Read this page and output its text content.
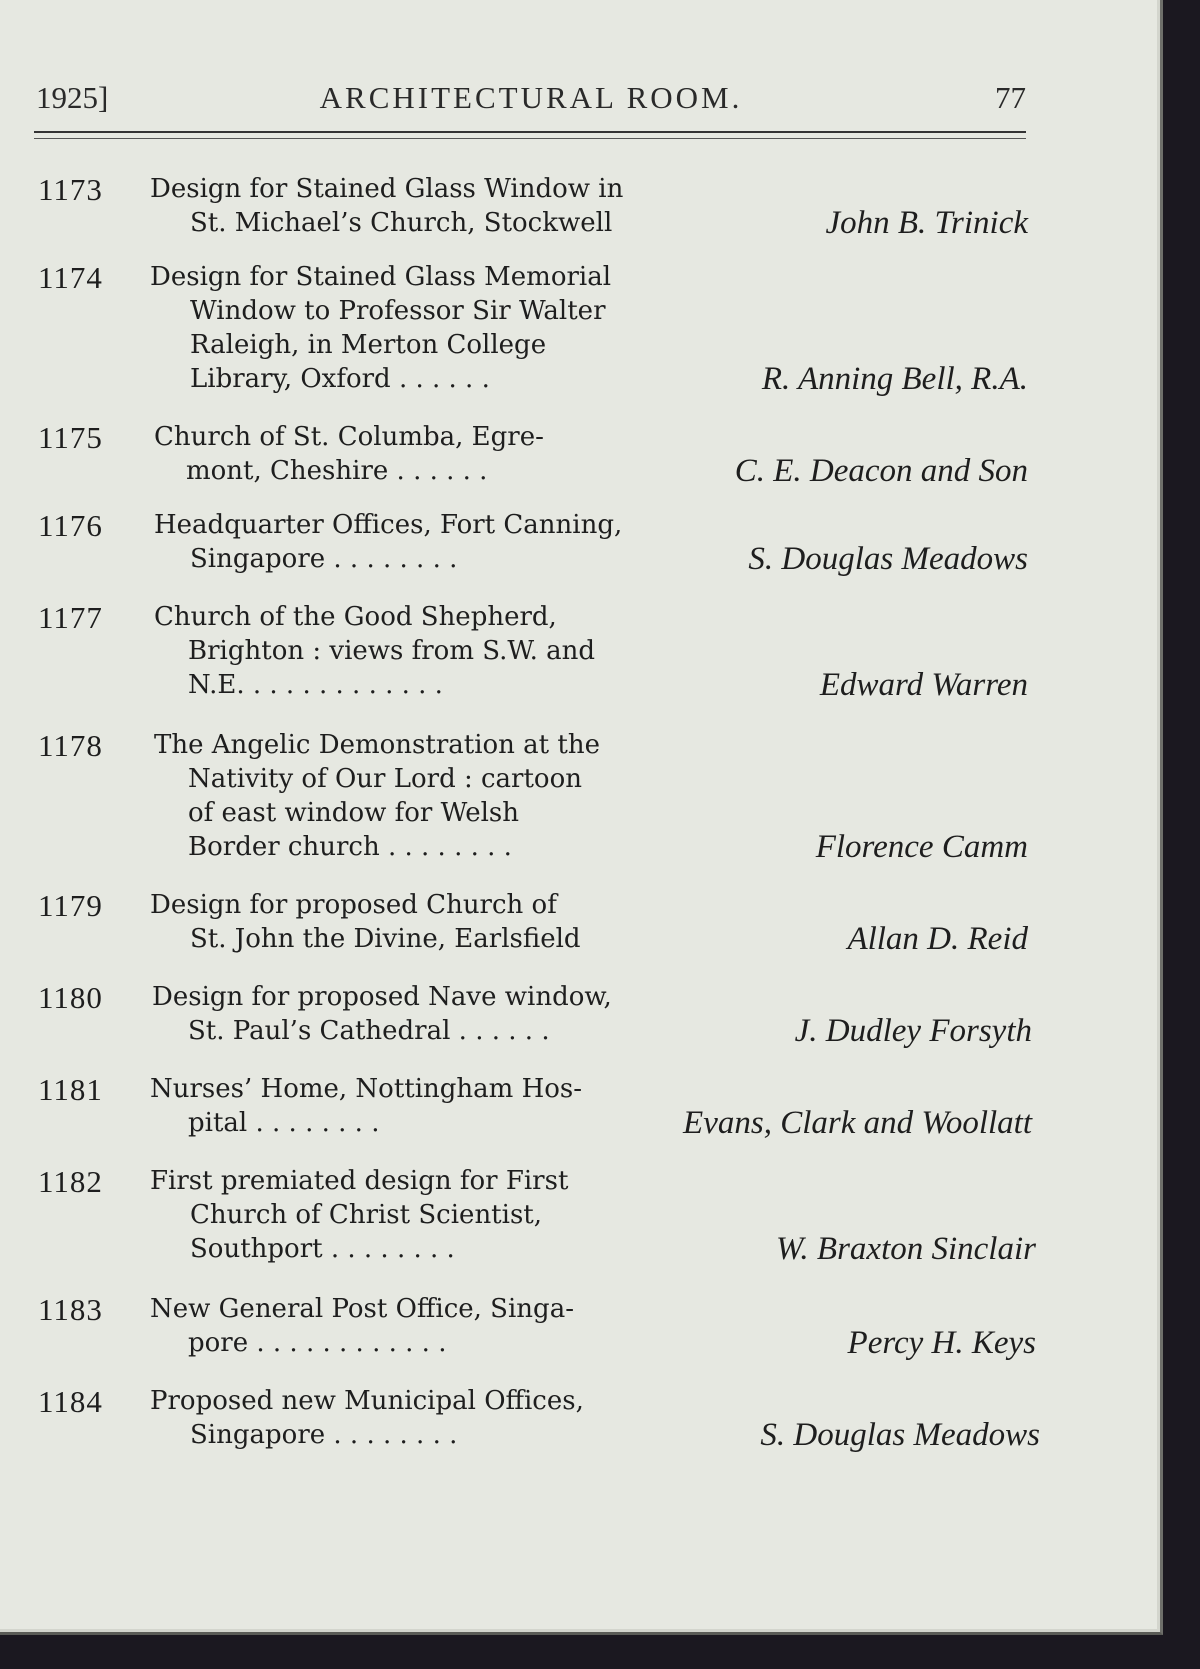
1925]	ARCHITECTURAL ROOM.	77
1173 Design for Stained Glass Window in
St. Michael’s Church, Stockwell	John B. Trinick
1174 Design for Stained Glass Memorial
Window to Professor Sir Walter
Raleigh, in Merton College
Library, Oxford . . . . . .	R. Anning Bell, R.A.
1175 Church of St. Columba, Egre-
mont, Cheshire . . . . . .	C. E. Deacon and Son
1176 Headquarter Offices, Fort Canning,
Singapore . . . . . . . .	S. Douglas Meadows
1177 Church of the Good Shepherd,
Brighton : views from S.W. and
N.E. . . . . . . . . . . . .	Edward Warren
1178 The Angelic Demonstration at the
Nativity of Our Lord : cartoon
of east window for Welsh
Border church . . . . . . . .	Florence Camm
1179 Design for proposed Church of
St. John the Divine, Earlsfield	Allan D. Reid
1180 Design for proposed Nave window,
St. Paul’s Cathedral . . . . . .	J. Dudley Forsyth
1181 Nurses’ Home, Nottingham Hos-
pital . . . . . . . .	Evans, Clark and Woollatt
1182 First premiated design for First
Church of Christ Scientist,
Southport . . . . . . . .	W. Braxton Sinclair
1183 New General Post Office, Singa-
pore . . . . . . . . . . . .	Percy H. Keys
1184 Proposed new Municipal Offices,
Singapore . . . . . . . .	S. Douglas Meadows
